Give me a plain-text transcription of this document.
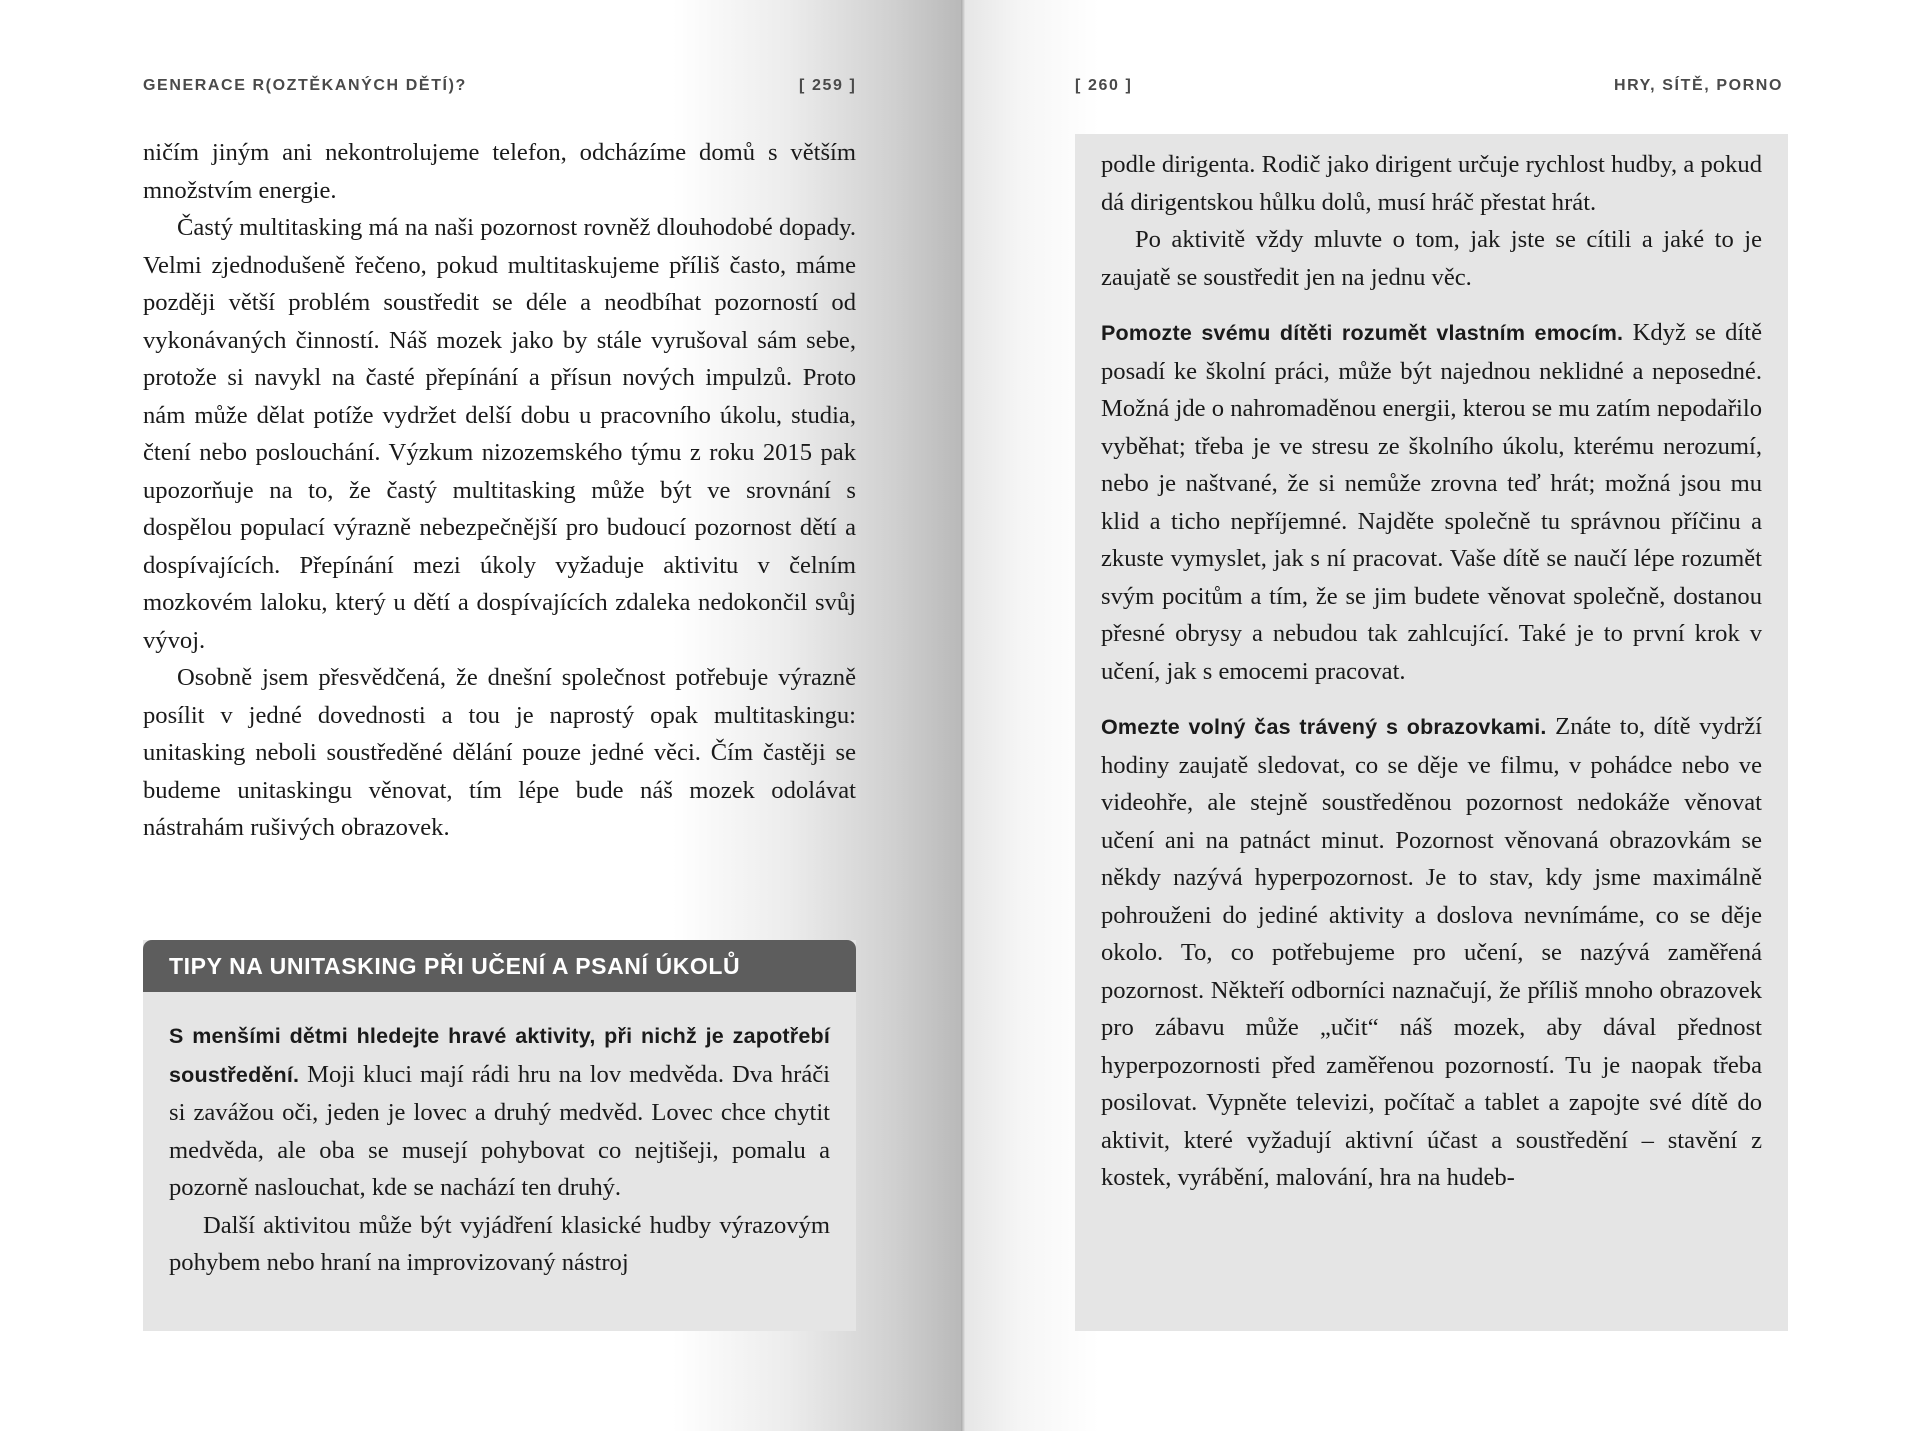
GENERACE R(OZTĚKANÝCH DĚTÍ)?	[ 259 ]

ničím jiným ani nekontrolujeme telefon, odcházíme domů s větším množstvím energie.

Častý multitasking má na naši pozornost rovněž dlouhodobé dopady. Velmi zjednodušeně řečeno, pokud multitaskujeme příliš často, máme později větší problém soustředit se déle a neodbíhat pozorností od vykonávaných činností. Náš mozek jako by stále vyrušoval sám sebe, protože si navykl na časté přepínání a přísun nových impulzů. Proto nám může dělat potíže vydržet delší dobu u pracovního úkolu, studia, čtení nebo poslouchání. Výzkum nizozemského týmu z roku 2015 pak upozorňuje na to, že častý multitasking může být ve srovnání s dospělou populací výrazně nebezpečnější pro budoucí pozornost dětí a dospívajících. Přepínání mezi úkoly vyžaduje aktivitu v čelním mozkovém laloku, který u dětí a dospívajících zdaleka nedokončil svůj vývoj.

Osobně jsem přesvědčená, že dnešní společnost potřebuje výrazně posílit v jedné dovednosti a tou je naprostý opak multitaskingu: unitasking neboli soustředěné dělání pouze jedné věci. Čím častěji se budeme unitaskingu věnovat, tím lépe bude náš mozek odolávat nástrahám rušivých obrazovek.

TIPY NA UNITASKING PŘI UČENÍ A PSANÍ ÚKOLŮ

S menšími dětmi hledejte hravé aktivity, při nichž je zapotřebí soustředění. Moji kluci mají rádi hru na lov medvěda. Dva hráči si zavážou oči, jeden je lovec a druhý medvěd. Lovec chce chytit medvěda, ale oba se musejí pohybovat co nejtišeji, pomalu a pozorně naslouchat, kde se nachází ten druhý.

Další aktivitou může být vyjádření klasické hudby výrazovým pohybem nebo hraní na improvizovaný nástroj

[ 260 ]	HRY, SÍTĚ, PORNO

podle dirigenta. Rodič jako dirigent určuje rychlost hudby, a pokud dá dirigentskou hůlku dolů, musí hráč přestat hrát.

Po aktivitě vždy mluvte o tom, jak jste se cítili a jaké to je zaujatě se soustředit jen na jednu věc.

Pomozte svému dítěti rozumět vlastním emocím. Když se dítě posadí ke školní práci, může být najednou neklidné a neposedné. Možná jde o nahromaděnou energii, kterou se mu zatím nepodařilo vyběhat; třeba je ve stresu ze školního úkolu, kterému nerozumí, nebo je naštvané, že si nemůže zrovna teď hrát; možná jsou mu klid a ticho nepříjemné. Najděte společně tu správnou příčinu a zkuste vymyslet, jak s ní pracovat. Vaše dítě se naučí lépe rozumět svým pocitům a tím, že se jim budete věnovat společně, dostanou přesné obrysy a nebudou tak zahlcující. Také je to první krok v učení, jak s emocemi pracovat.

Omezte volný čas trávený s obrazovkami. Znáte to, dítě vydrží hodiny zaujatě sledovat, co se děje ve filmu, v pohádce nebo ve videohře, ale stejně soustředěnou pozornost nedokáže věnovat učení ani na patnáct minut. Pozornost věnovaná obrazovkám se někdy nazývá hyperpozornost. Je to stav, kdy jsme maximálně pohrouženi do jediné aktivity a doslova nevnímáme, co se děje okolo. To, co potřebujeme pro učení, se nazývá zaměřená pozornost. Někteří odborníci naznačují, že příliš mnoho obrazovek pro zábavu může „učit“ náš mozek, aby dával přednost hyperpozornosti před zaměřenou pozorností. Tu je naopak třeba posilovat. Vypněte televizi, počítač a tablet a zapojte své dítě do aktivit, které vyžadují aktivní účast a soustředění – stavění z kostek, vyrábění, malování, hra na hudeb-
